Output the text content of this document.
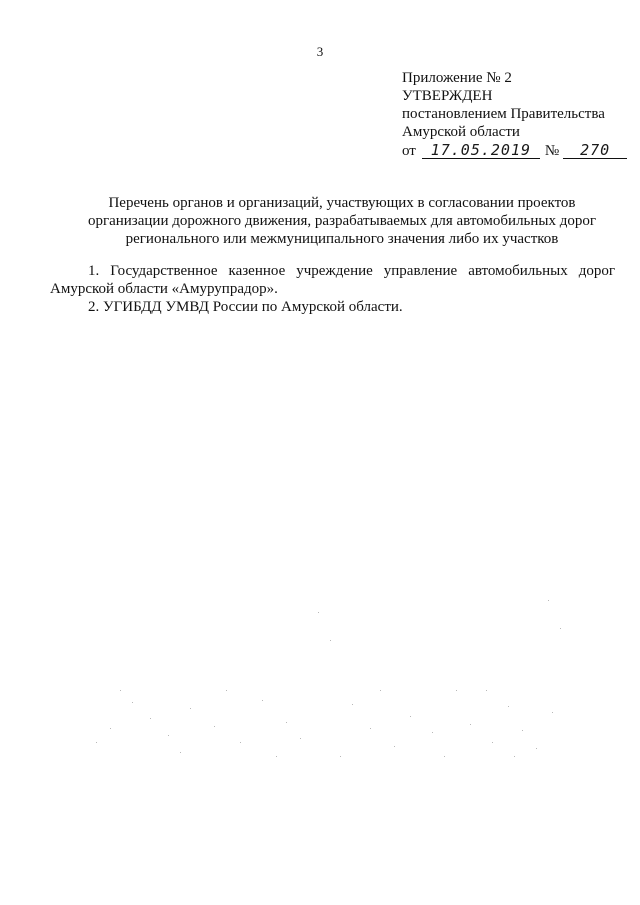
3
Приложение № 2
УТВЕРЖДЕН
постановлением Правительства
Амурской области
от 17.05.2019 № 270
Перечень органов и организаций, участвующих в согласовании проектов
организации дорожного движения, разрабатываемых для автомобильных дорог
регионального или межмуниципального значения либо их участков
1. Государственное казенное учреждение управление автомобильных дорог Амурской области «Амурупрадор».
2. УГИБДД УМВД России по Амурской области.
